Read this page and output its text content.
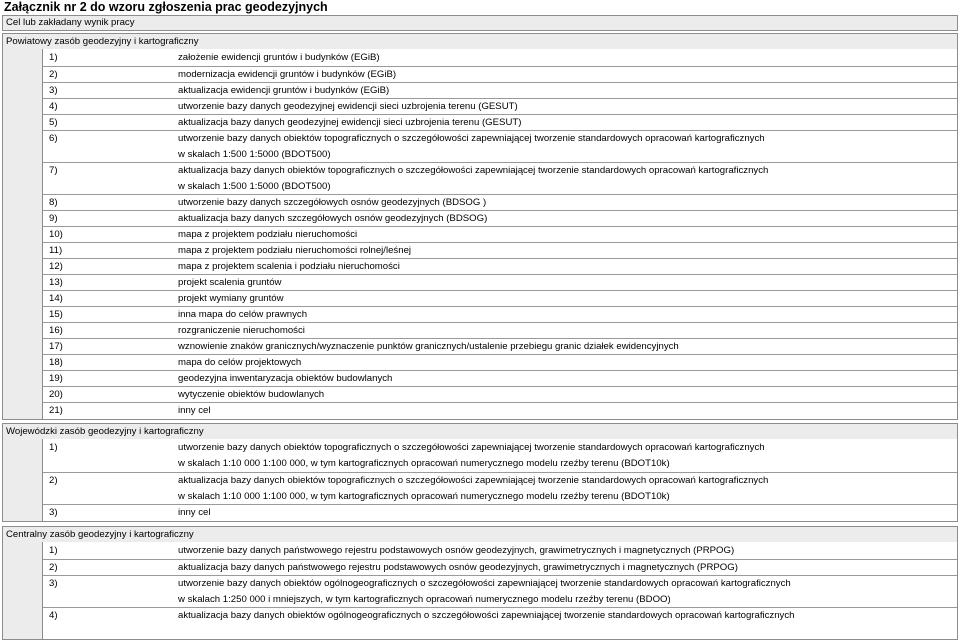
Załącznik nr 2 do wzoru zgłoszenia prac geodezyjnych
Cel lub zakładany wynik pracy
Powiatowy zasób geodezyjny i kartograficzny
1)	założenie ewidencji gruntów i budynków (EGiB)
2)	modernizacja ewidencji gruntów i budynków (EGiB)
3)	aktualizacja ewidencji gruntów i budynków (EGiB)
4)	utworzenie bazy danych geodezyjnej ewidencji sieci uzbrojenia terenu (GESUT)
5)	aktualizacja bazy danych geodezyjnej ewidencji sieci uzbrojenia terenu (GESUT)
6)	utworzenie bazy danych obiektów topograficznych o szczegółowości zapewniającej tworzenie standardowych opracowań kartograficznych
w skalach 1:500 1:5000 (BDOT500)
7)	aktualizacja bazy danych obiektów topograficznych o szczegółowości zapewniającej tworzenie standardowych opracowań kartograficznych
w skalach 1:500 1:5000 (BDOT500)
8)	utworzenie bazy danych szczegółowych osnów geodezyjnych (BDSOG )
9)	aktualizacja bazy danych szczegółowych osnów geodezyjnych (BDSOG)
10)	mapa z projektem podziału nieruchomości
11)	mapa z projektem podziału nieruchomości rolnej/leśnej
12)	mapa z projektem scalenia i podziału nieruchomości
13)	projekt scalenia gruntów
14)	projekt wymiany gruntów
15)	inna mapa do celów prawnych
16)	rozgraniczenie nieruchomości
17)	wznowienie znaków granicznych/wyznaczenie punktów granicznych/ustalenie przebiegu granic działek ewidencyjnych
18)	mapa do celów projektowych
19)	geodezyjna inwentaryzacja obiektów budowlanych
20)	wytyczenie obiektów budowlanych
21)	inny cel
Wojewódzki zasób geodezyjny i kartograficzny
1)	utworzenie bazy danych obiektów topograficznych o szczegółowości zapewniającej tworzenie standardowych opracowań kartograficznych
w skalach 1:10 000 1:100 000, w tym kartograficznych opracowań numerycznego modelu rzeźby terenu (BDOT10k)
2)	aktualizacja bazy danych obiektów topograficznych o szczegółowości zapewniającej tworzenie standardowych opracowań kartograficznych
w skalach 1:10 000 1:100 000, w tym kartograficznych opracowań numerycznego modelu rzeźby terenu (BDOT10k)
3)	inny cel
Centralny zasób geodezyjny i kartograficzny
1)	utworzenie bazy danych państwowego rejestru podstawowych osnów geodezyjnych, grawimetrycznych i magnetycznych (PRPOG)
2)	aktualizacja bazy danych państwowego rejestru podstawowych osnów geodezyjnych, grawimetrycznych i magnetycznych (PRPOG)
3)	utworzenie bazy danych obiektów ogólnogeograficznych o szczegółowości zapewniającej tworzenie standardowych opracowań kartograficznych
w skalach 1:250 000 i mniejszych, w tym kartograficznych opracowań numerycznego modelu rzeźby terenu (BDOO)
4)	aktualizacja bazy danych obiektów ogólnogeograficznych o szczegółowości zapewniającej tworzenie standardowych opracowań kartograficznych
